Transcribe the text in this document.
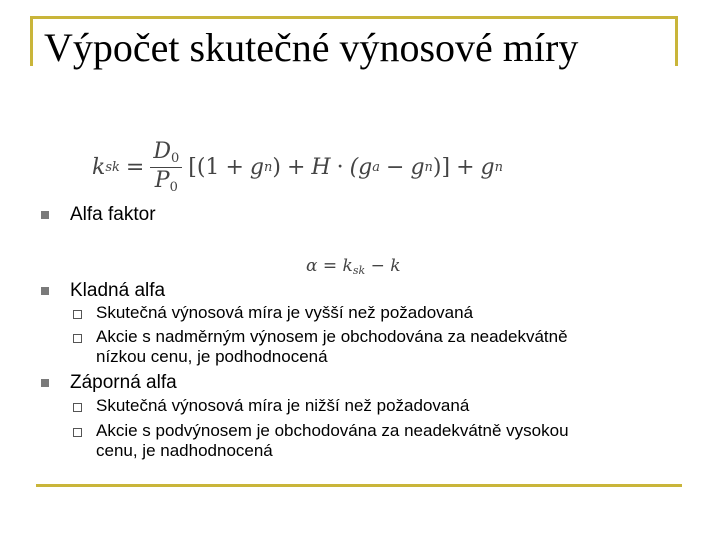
Výpočet skutečné výnosové míry
k sk = $\frac{D_0}{P_0} [(1 + g$ n ) + H · (g a − g n )] + g n
Alfa faktor
$\alpha = k_{sk} - k$
Kladná alfa
Skutečná výnosová míra je vyšší než požadovaná
Akcie s nadměrným výnosem je obchodována za neadekvátně
nízkou cenu, je podhodnocená
Záporná alfa
Skutečná výnosová míra je nižší než požadovaná
Akcie s podvýnosem je obchodována za neadekvátně vysokou
cenu, je nadhodnocená
